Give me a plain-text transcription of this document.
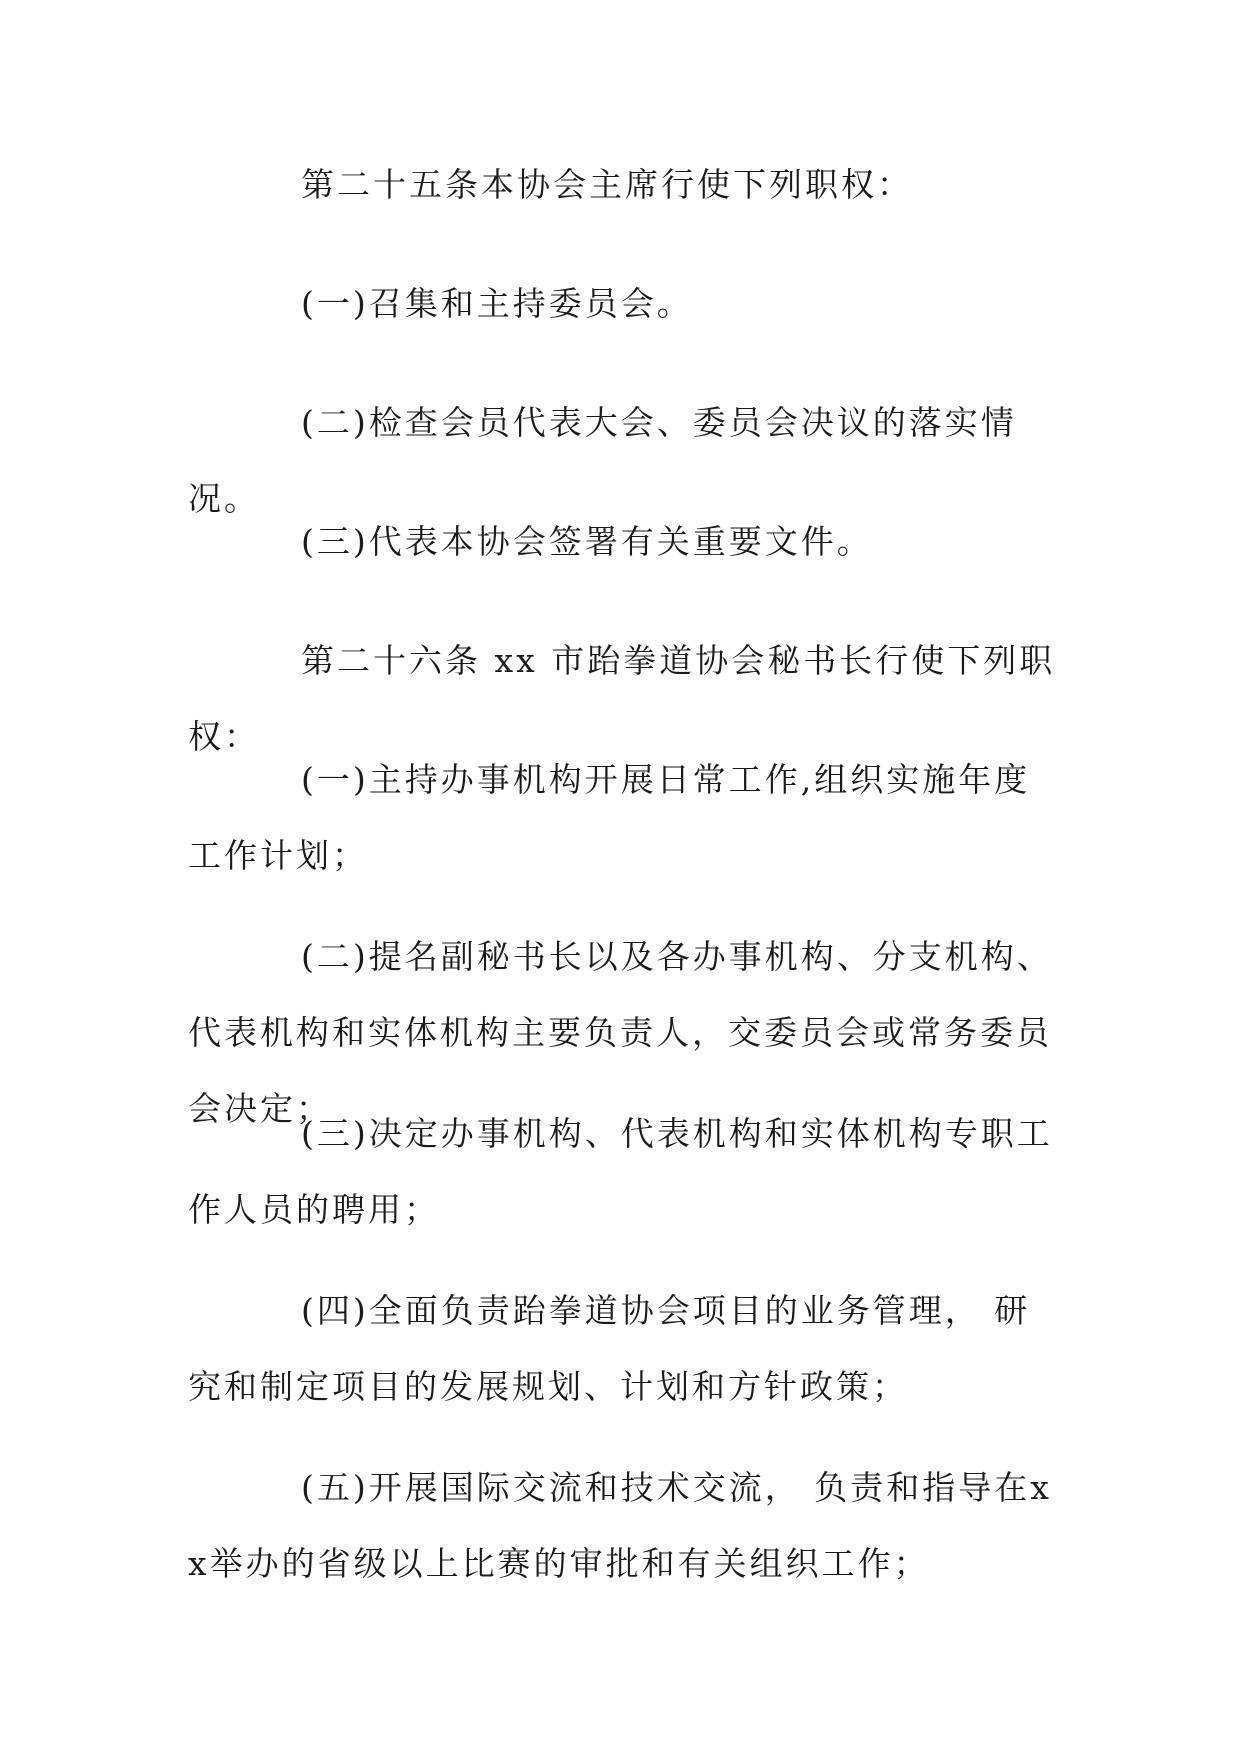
第二十五条本协会主席行使下列职权：

(一)召集和主持委员会。

(二)检查会员代表大会、委员会决议的落实情况。

(三)代表本协会签署有关重要文件。

第二十六条 xx 市跆拳道协会秘书长行使下列职权：

(一)主持办事机构开展日常工作,组织实施年度工作计划；

(二)提名副秘书长以及各办事机构、分支机构、代表机构和实体机构主要负责人，交委员会或常务委员会决定；

(三)决定办事机构、代表机构和实体机构专职工作人员的聘用；

(四)全面负责跆拳道协会项目的业务管理， 研究和制定项目的发展规划、计划和方针政策；

(五)开展国际交流和技术交流， 负责和指导在xx举办的省级以上比赛的审批和有关组织工作；
